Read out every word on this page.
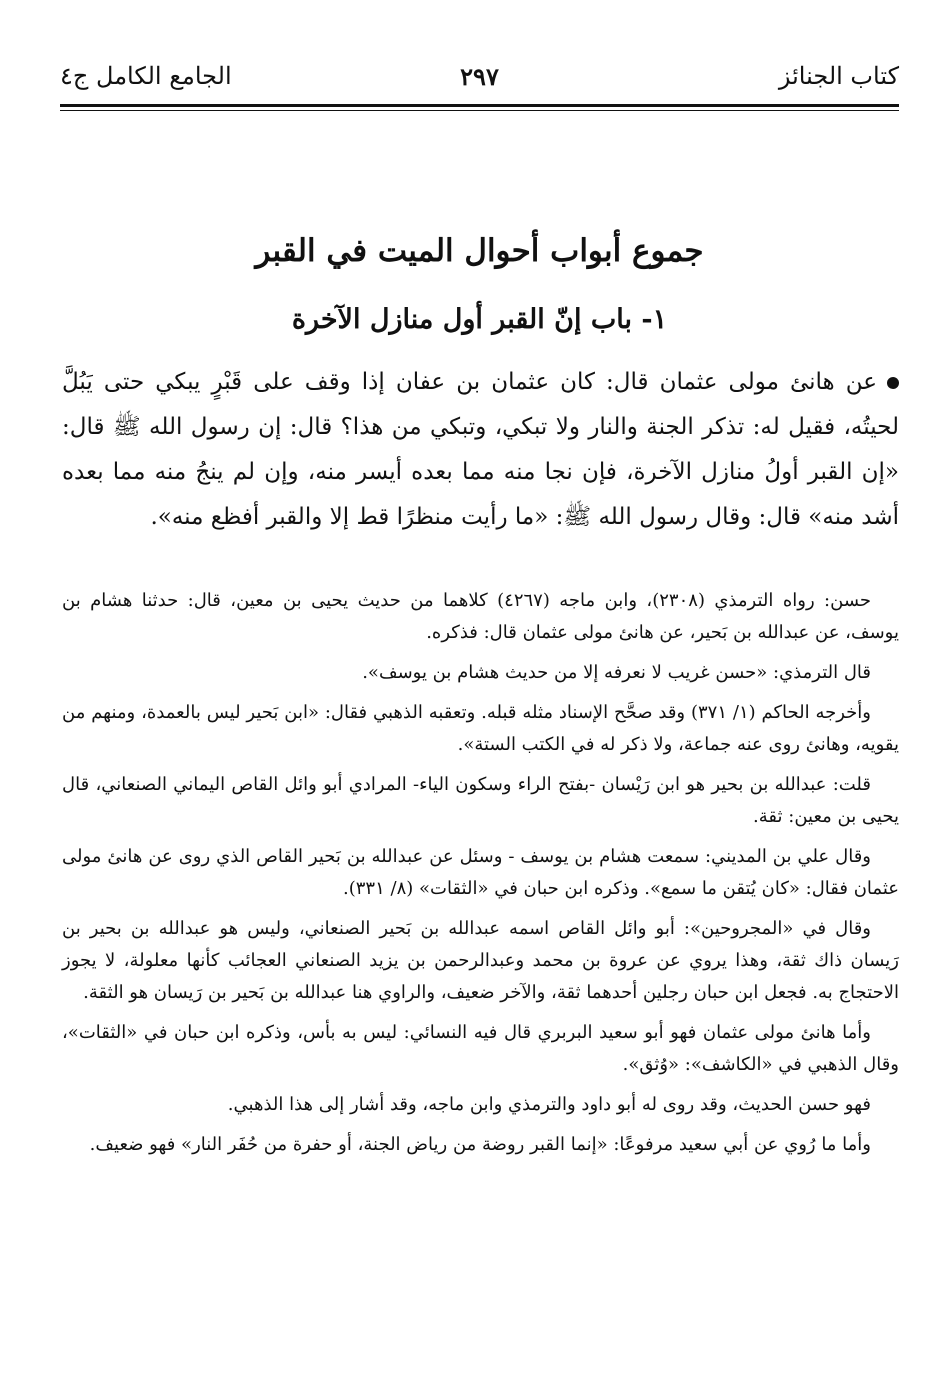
كتاب الجنائز
٢٩٧
الجامع الكامل ج٤
جموع أبواب أحوال الميت في القبر
١- باب إنّ القبر أول منازل الآخرة

عن هانئ مولى عثمان قال: كان عثمان بن عفان إذا وقف على قَبْرٍ يبكي حتى يَبُلَّ لحيتُه، فقيل له: تذكر الجنة والنار ولا تبكي، وتبكي من هذا؟ قال: إن رسول الله ﷺ قال: «إن القبر أولُ منازل الآخرة، فإن نجا منه مما بعده أيسر منه، وإن لم ينجُ منه مما بعده أشد منه» قال: وقال رسول الله ﷺ: «ما رأيت منظرًا قط إلا والقبر أفظع منه».

حسن: رواه الترمذي (٢٣٠٨)، وابن ماجه (٤٢٦٧) كلاهما من حديث يحيى بن معين، قال: حدثنا هشام بن يوسف، عن عبدالله بن بَحير، عن هانئ مولى عثمان قال: فذكره.

قال الترمذي: «حسن غريب لا نعرفه إلا من حديث هشام بن يوسف».

وأخرجه الحاكم (١/ ٣٧١) وقد صحَّح الإسناد مثله قبله. وتعقبه الذهبي فقال: «ابن بَحير ليس بالعمدة، ومنهم من يقويه، وهانئ روى عنه جماعة، ولا ذكر له في الكتب الستة».

قلت: عبدالله بن بحير هو ابن رَيْسان -بفتح الراء وسكون الياء- المرادي أبو وائل القاص اليماني الصنعاني، قال يحيى بن معين: ثقة.

وقال علي بن المديني: سمعت هشام بن يوسف - وسئل عن عبدالله بن بَحير القاص الذي روى عن هانئ مولى عثمان فقال: «كان يُتقن ما سمع». وذكره ابن حبان في «الثقات» (٨/ ٣٣١).

وقال في «المجروحين»: أبو وائل القاص اسمه عبدالله بن بَحير الصنعاني، وليس هو عبدالله بن بحير بن رَيسان ذاك ثقة، وهذا يروي عن عروة بن محمد وعبدالرحمن بن يزيد الصنعاني العجائب كأنها معلولة، لا يجوز الاحتجاج به. فجعل ابن حبان رجلين أحدهما ثقة، والآخر ضعيف، والراوي هنا عبدالله بن بَحير بن رَيسان هو الثقة.

وأما هانئ مولى عثمان فهو أبو سعيد البربري قال فيه النسائي: ليس به بأس، وذكره ابن حبان في «الثقات»، وقال الذهبي في «الكاشف»: «وُثق».

فهو حسن الحديث، وقد روى له أبو داود والترمذي وابن ماجه، وقد أشار إلى هذا الذهبي.

وأما ما رُوي عن أبي سعيد مرفوعًا: «إنما القبر روضة من رياض الجنة، أو حفرة من حُفَر النار» فهو ضعيف.
